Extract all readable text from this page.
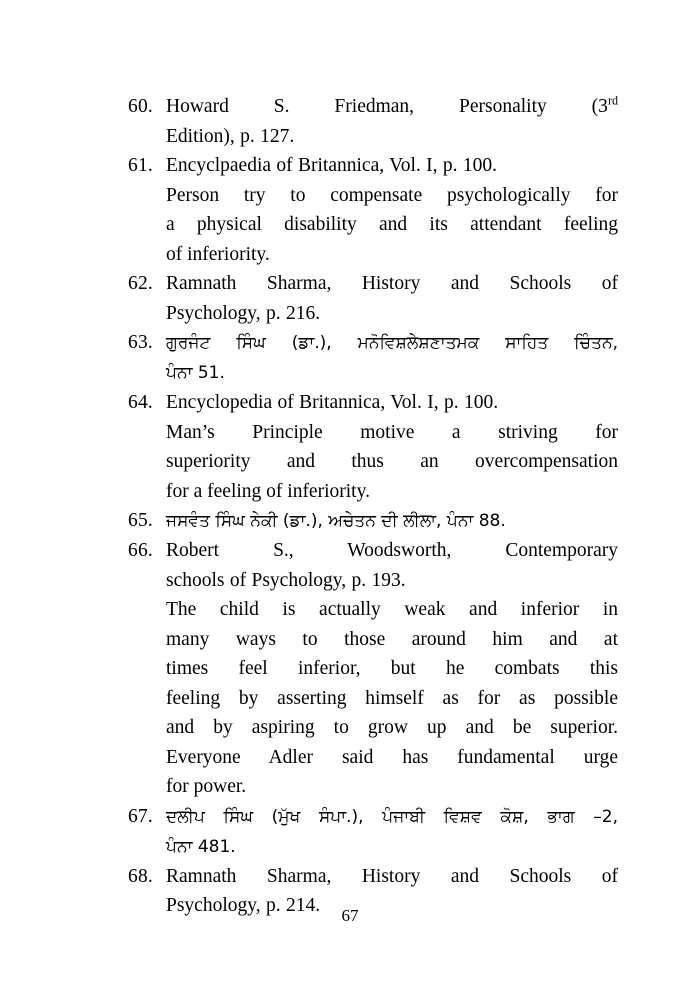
60. Howard S. Friedman, Personality (3rd
Edition), p. 127.
61. Encyclpaedia of Britannica, Vol. I, p. 100.
Person try to compensate psychologically for
a physical disability and its attendant feeling
of inferiority.
62. Ramnath Sharma, History and Schools of
Psychology, p. 216.
63. ਗੁਰਜੰਟ ਸਿੰਘ (ਡਾ.), ਮਨੋਵਿਸ਼ਲੇਸ਼ਣਾਤਮਕ ਸਾਹਿਤ ਚਿੰਤਨ,
ਪੰਨਾ 51.
64. Encyclopedia of Britannica, Vol. I, p. 100.
Man’s Principle motive a striving for
superiority and thus an overcompensation
for a feeling of inferiority.
65. ਜਸਵੰਤ ਸਿੰਘ ਨੇਕੀ (ਡਾ.), ਅਚੇਤਨ ਦੀ ਲੀਲਾ, ਪੰਨਾ 88.
66. Robert S., Woodsworth, Contemporary
schools of Psychology, p. 193.
The child is actually weak and inferior in
many ways to those around him and at
times feel inferior, but he combats this
feeling by asserting himself as for as possible
and by aspiring to grow up and be superior.
Everyone Adler said has fundamental urge
for power.
67. ਦਲੀਪ ਸਿੰਘ (ਮੁੱਖ ਸੰਪਾ.), ਪੰਜਾਬੀ ਵਿਸ਼ਵ ਕੋਸ਼, ਭਾਗ –2,
ਪੰਨਾ 481.
68. Ramnath Sharma, History and Schools of
Psychology, p. 214.	67
